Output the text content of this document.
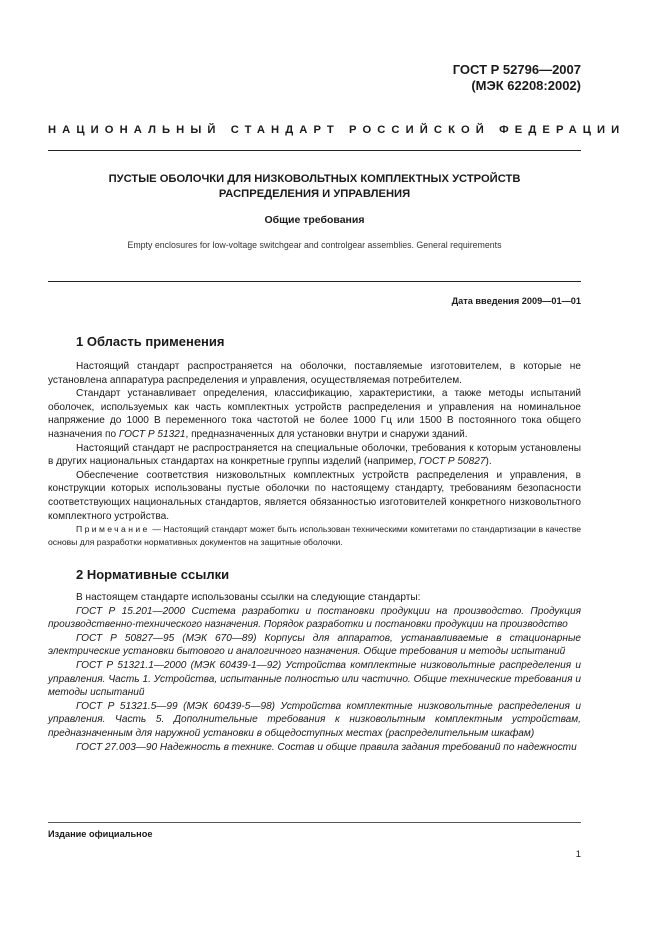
ГОСТ Р 52796—2007
(МЭК 62208:2002)
НАЦИОНАЛЬНЫЙ СТАНДАРТ РОССИЙСКОЙ ФЕДЕРАЦИИ
ПУСТЫЕ ОБОЛОЧКИ ДЛЯ НИЗКОВОЛЬТНЫХ КОМПЛЕКТНЫХ УСТРОЙСТВ
РАСПРЕДЕЛЕНИЯ И УПРАВЛЕНИЯ
Общие требования
Empty enclosures for low-voltage switchgear and controlgear assemblies. General requirements
Дата введения 2009—01—01
1 Область применения

Настоящий стандарт распространяется на оболочки, поставляемые изготовителем, в которые не установлена аппаратура распределения и управления, осуществляемая потребителем.

Стандарт устанавливает определения, классификацию, характеристики, а также методы испытаний оболочек, используемых как часть комплектных устройств распределения и управления на номинальное напряжение до 1000 В переменного тока частотой не более 1000 Гц или 1500 В постоянного тока общего назначения по ГОСТ Р 51321, предназначенных для установки внутри и снаружи зданий.

Настоящий стандарт не распространяется на специальные оболочки, требования к которым установлены в других национальных стандартах на конкретные группы изделий (например, ГОСТ Р 50827).

Обеспечение соответствия низковольтных комплектных устройств распределения и управления, в конструкции которых использованы пустые оболочки по настоящему стандарту, требованиям безопасности соответствующих национальных стандартов, является обязанностью изготовителей конкретного низковольтного комплектного устройства.

Примечание — Настоящий стандарт может быть использован техническими комитетами по стандартизации в качестве основы для разработки нормативных документов на защитные оболочки.
2 Нормативные ссылки

В настоящем стандарте использованы ссылки на следующие стандарты:

ГОСТ Р 15.201—2000 Система разработки и постановки продукции на производство. Продукция производственно-технического назначения. Порядок разработки и постановки продукции на производство

ГОСТ Р 50827—95 (МЭК 670—89) Корпусы для аппаратов, устанавливаемые в стационарные электрические установки бытового и аналогичного назначения. Общие требования и методы испытаний

ГОСТ Р 51321.1—2000 (МЭК 60439-1—92) Устройства комплектные низковольтные распределения и управления. Часть 1. Устройства, испытанные полностью или частично. Общие технические требования и методы испытаний

ГОСТ Р 51321.5—99 (МЭК 60439-5—98) Устройства комплектные низковольтные распределения и управления. Часть 5. Дополнительные требования к низковольтным комплектным устройствам, предназначенным для наружной установки в общедоступных местах (распределительным шкафам)

ГОСТ 27.003—90 Надежность в технике. Состав и общие правила задания требований по надежности

Издание официальное
1
